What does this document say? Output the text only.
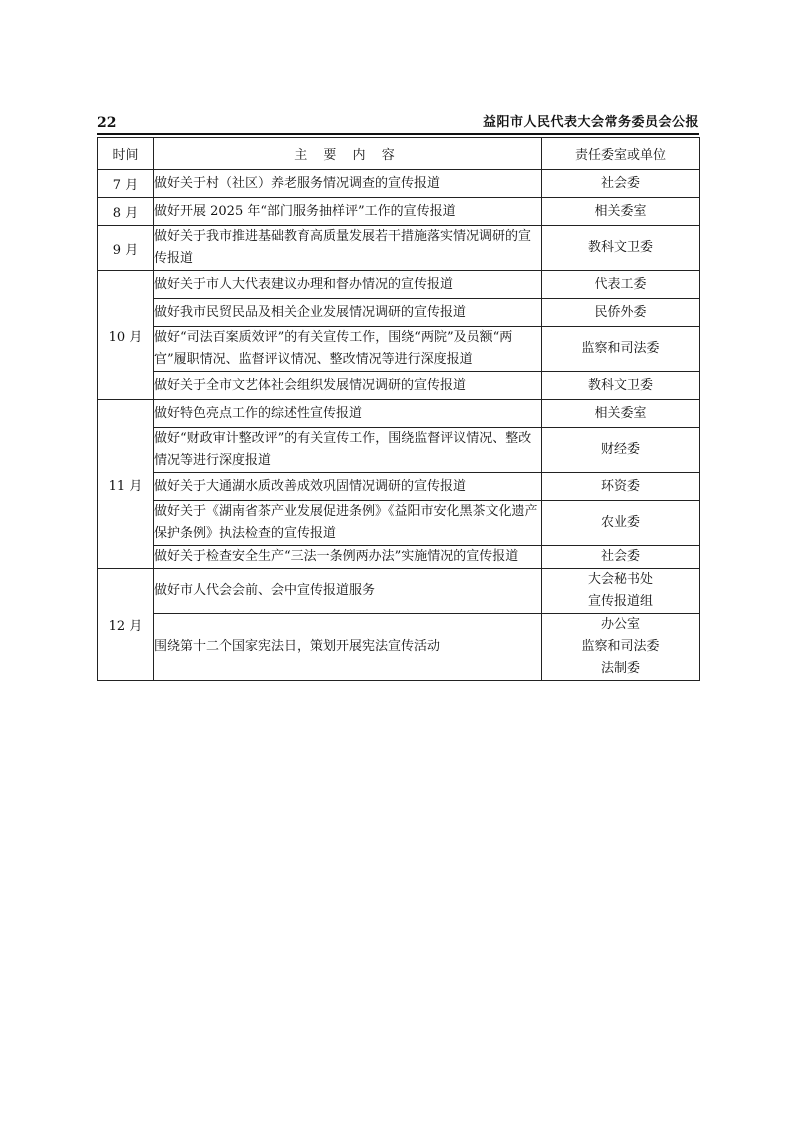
22	益阳市人民代表大会常务委员会公报
时间	主 要 内 容	责任委室或单位
7 月	做好关于村（社区）养老服务情况调查的宣传报道	社会委

8 月	做好开展 2025 年“部门服务抽样评”工作的宣传报道	相关委室

9 月	做好关于我市推进基础教育高质量发展若干措施落实情况调研的宣传报道	教科文卫委

10 月	做好关于市人大代表建议办理和督办情况的宣传报道	代表工委

	做好我市民贸民品及相关企业发展情况调研的宣传报道	民侨外委

	做好“司法百案质效评”的有关宣传工作，围绕“两院”及员额“两官”履职情况、监督评议情况、整改情况等进行深度报道	监察和司法委

	做好关于全市文艺体社会组织发展情况调研的宣传报道	教科文卫委

11 月	做好特色亮点工作的综述性宣传报道	相关委室

	做好“财政审计整改评”的有关宣传工作，围绕监督评议情况、整改情况等进行深度报道	财经委

	做好关于大通湖水质改善成效巩固情况调研的宣传报道	环资委

	做好关于《湖南省茶产业发展促进条例》《益阳市安化黑茶文化遗产保护条例》执法检查的宣传报道	农业委

	做好关于检查安全生产“三法一条例两办法”实施情况的宣传报道	社会委

12 月	做好市人代会会前、会中宣传报道服务	大会秘书处
宣传报道组

	围绕第十二个国家宪法日，策划开展宪法宣传活动	办公室
监察和司法委
法制委
